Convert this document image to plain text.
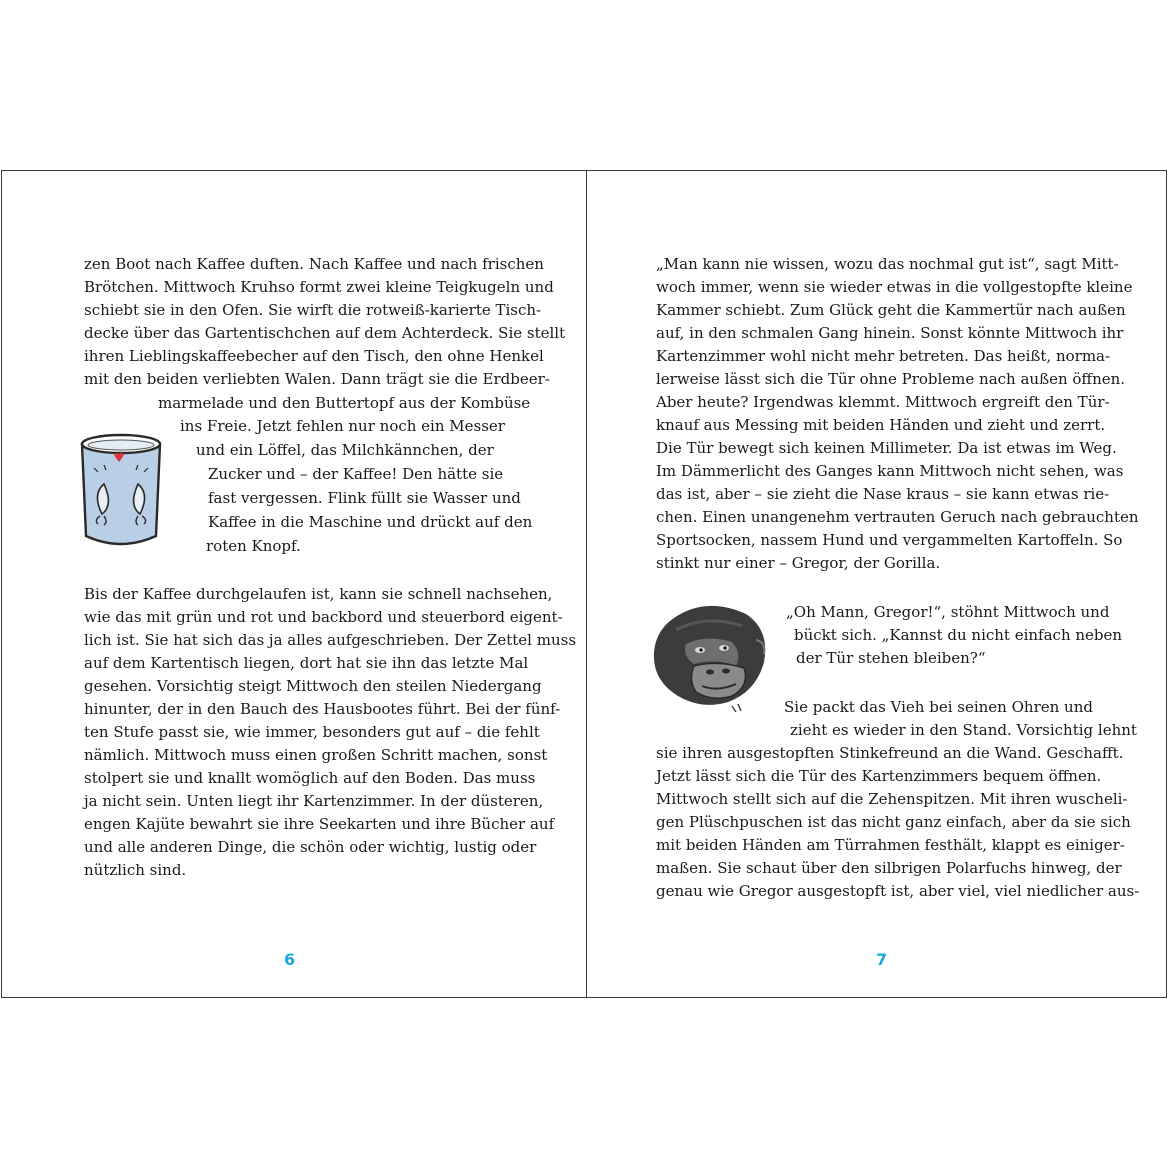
zen Boot nach Kaffee duften. Nach Kaffee und nach frischen
Brötchen. Mittwoch Kruhso formt zwei kleine Teigkugeln und
schiebt sie in den Ofen. Sie wirft die rotweiß-karierte Tisch-
decke über das Gartentischchen auf dem Achterdeck. Sie stellt
ihren Lieblingskaffeebecher auf den Tisch, den ohne Henkel
mit den beiden verliebten Walen. Dann trägt sie die Erdbeer-
marmelade und den Buttertopf aus der Kombüse
ins Freie. Jetzt fehlen nur noch ein Messer
und ein Löffel, das Milchkännchen, der
Zucker und – der Kaffee! Den hätte sie
fast vergessen. Flink füllt sie Wasser und
Kaffee in die Maschine und drückt auf den
roten Knopf.
Bis der Kaffee durchgelaufen ist, kann sie schnell nachsehen,
wie das mit grün und rot und backbord und steuerbord eigent-
lich ist. Sie hat sich das ja alles aufgeschrieben. Der Zettel muss
auf dem Kartentisch liegen, dort hat sie ihn das letzte Mal
gesehen. Vorsichtig steigt Mittwoch den steilen Niedergang
hinunter, der in den Bauch des Hausbootes führt. Bei der fünf-
ten Stufe passt sie, wie immer, besonders gut auf – die fehlt
nämlich. Mittwoch muss einen großen Schritt machen, sonst
stolpert sie und knallt womöglich auf den Boden. Das muss
ja nicht sein. Unten liegt ihr Kartenzimmer. In der düsteren,
engen Kajüte bewahrt sie ihre Seekarten und ihre Bücher auf
und alle anderen Dinge, die schön oder wichtig, lustig oder
nützlich sind.
6
„Man kann nie wissen, wozu das nochmal gut ist“, sagt Mitt-
woch immer, wenn sie wieder etwas in die vollgestopfte kleine
Kammer schiebt. Zum Glück geht die Kammertür nach außen
auf, in den schmalen Gang hinein. Sonst könnte Mittwoch ihr
Kartenzimmer wohl nicht mehr betreten. Das heißt, norma-
lerweise lässt sich die Tür ohne Probleme nach außen öffnen.
Aber heute? Irgendwas klemmt. Mittwoch ergreift den Tür-
knauf aus Messing mit beiden Händen und zieht und zerrt.
Die Tür bewegt sich keinen Millimeter. Da ist etwas im Weg.
Im Dämmerlicht des Ganges kann Mittwoch nicht sehen, was
das ist, aber – sie zieht die Nase kraus – sie kann etwas rie-
chen. Einen unangenehm vertrauten Geruch nach gebrauchten
Sportsocken, nassem Hund und vergammelten Kartoffeln. So
stinkt nur einer – Gregor, der Gorilla.
„Oh Mann, Gregor!“, stöhnt Mittwoch und
bückt sich. „Kannst du nicht einfach neben
der Tür stehen bleiben?“
Sie packt das Vieh bei seinen Ohren und
zieht es wieder in den Stand. Vorsichtig lehnt
sie ihren ausgestopften Stinkefreund an die Wand. Geschafft.
Jetzt lässt sich die Tür des Kartenzimmers bequem öffnen.
Mittwoch stellt sich auf die Zehenspitzen. Mit ihren wuscheli-
gen Plüschpuschen ist das nicht ganz einfach, aber da sie sich
mit beiden Händen am Türrahmen festhält, klappt es einiger-
maßen. Sie schaut über den silbrigen Polarfuchs hinweg, der
genau wie Gregor ausgestopft ist, aber viel, viel niedlicher aus-
7
